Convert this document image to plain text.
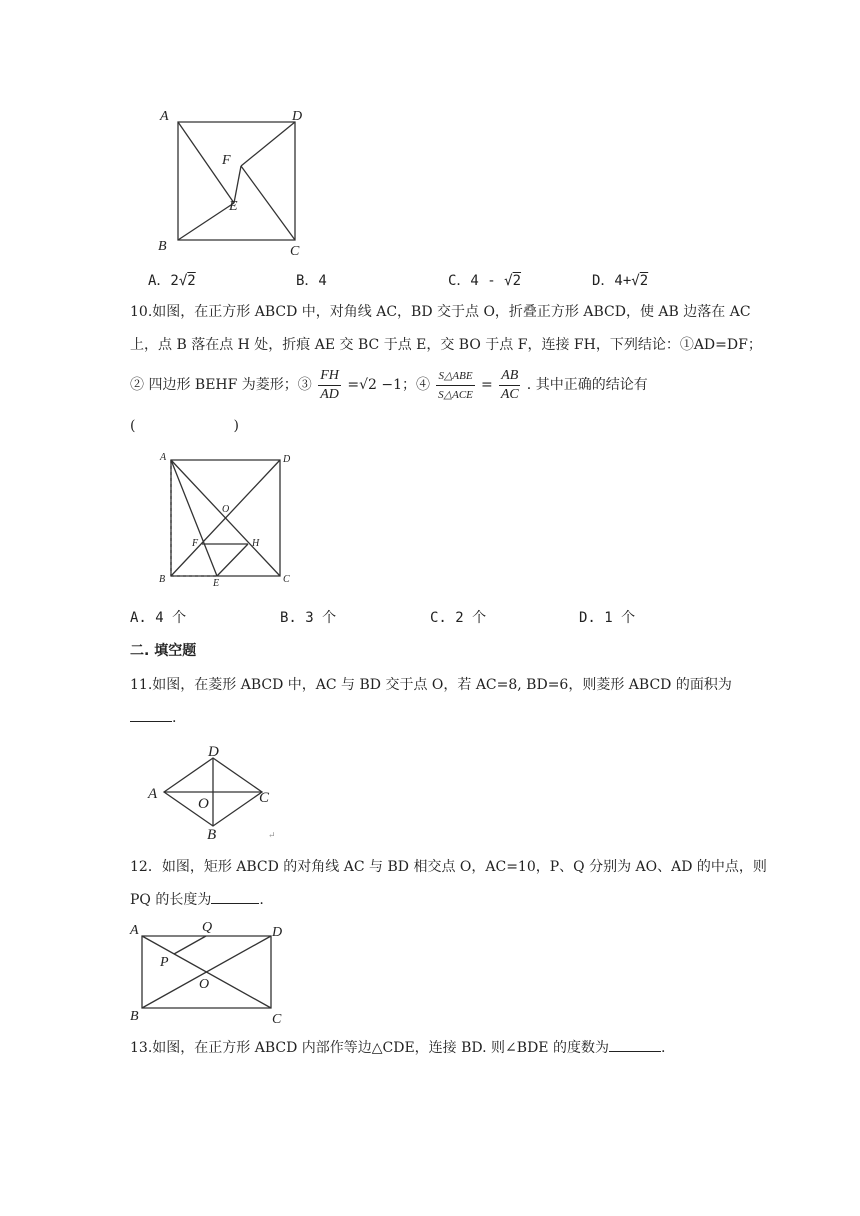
A	D
F
E
B	C
A．2√2	B．4	C．4 - √2	D．4+√2
10.如图，在正方形 ABCD 中，对角线 AC，BD 交于点 O，折叠正方形 ABCD，使 AB 边落在 AC
上，点 B 落在点 H 处，折痕 AE 交 BC 于点 E，交 BO 于点 F，连接 FH，下列结论：①AD=DF；
② 四边形 BEHF 为菱形；③ $\frac{FH}{AD} =√2 -1$；④ $\frac{\text{S△ABE}}{\text{S△ACE}} = \frac{AB}{AC}$ . 其中正确的结论有
(　　　　　　　)
A	D
O
F	H
B	E	C
A. 4 个	B. 3 个	C. 2 个	D. 1 个
二. 填空题
11.如图，在菱形 ABCD 中，AC 与 BD 交于点 O，若 AC=8, BD=6，则菱形 ABCD 的面积为
.
D
A
O	C
B	↵
12．如图，矩形 ABCD 的对角线 AC 与 BD 相交点 O，AC=10，P、Q 分别为 AO、AD 的中点，则
PQ 的长度为	.
A	Q	D
P
O
B	C
13.如图，在正方形 ABCD 内部作等边△CDE，连接 BD. 则∠BDE 的度数为	.
